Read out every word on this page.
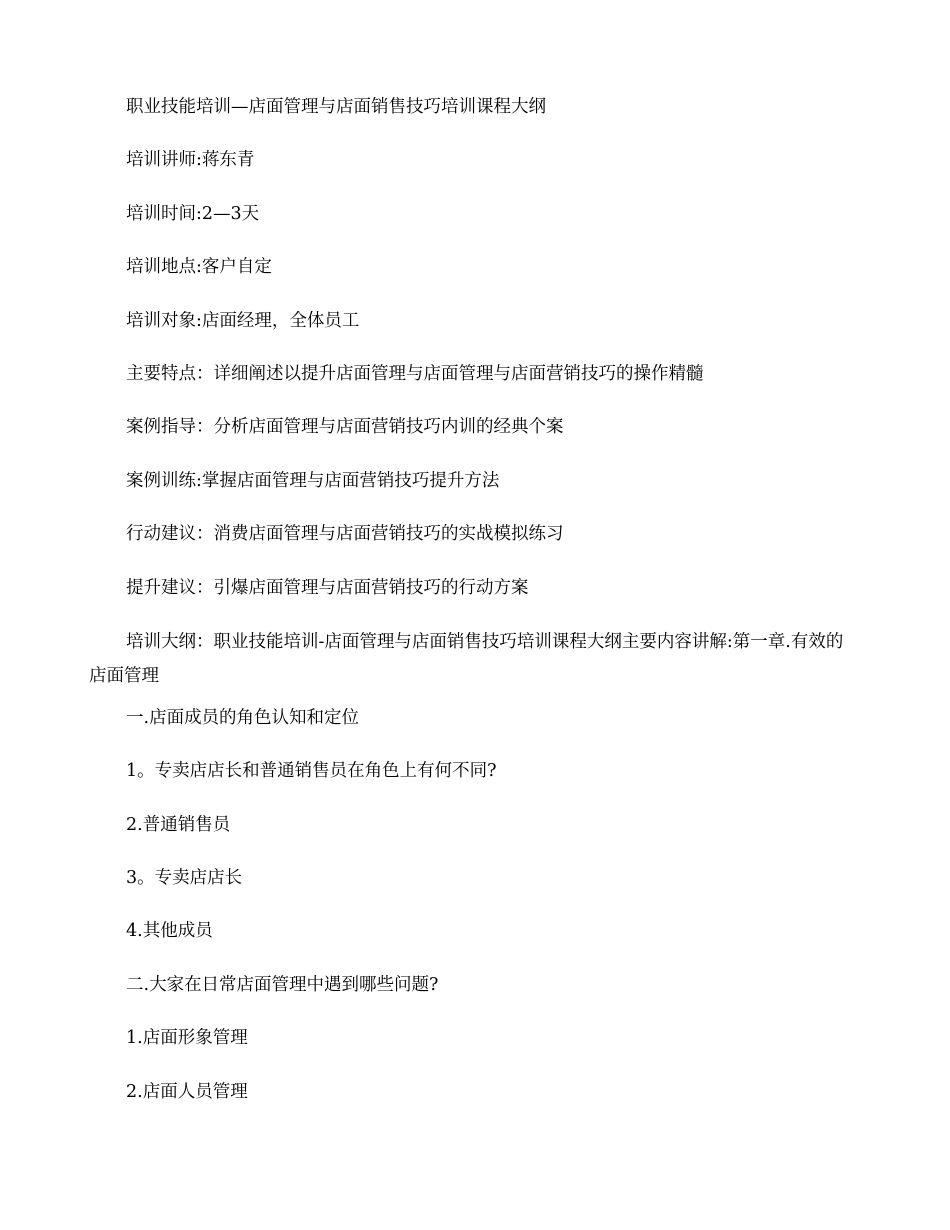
职业技能培训—店面管理与店面销售技巧培训课程大纲

培训讲师:蒋东青

培训时间:2—3天

培训地点:客户自定

培训对象:店面经理，全体员工

主要特点：详细阐述以提升店面管理与店面管理与店面营销技巧的操作精髓

案例指导：分析店面管理与店面营销技巧内训的经典个案

案例训练:掌握店面管理与店面营销技巧提升方法

行动建议：消费店面管理与店面营销技巧的实战模拟练习

提升建议：引爆店面管理与店面营销技巧的行动方案

培训大纲：职业技能培训-店面管理与店面销售技巧培训课程大纲主要内容讲解:第一章.有效的店面管理

一.店面成员的角色认知和定位

1。专卖店店长和普通销售员在角色上有何不同?

2.普通销售员

3。专卖店店长

4.其他成员

二.大家在日常店面管理中遇到哪些问题?

1.店面形象管理

2.店面人员管理
